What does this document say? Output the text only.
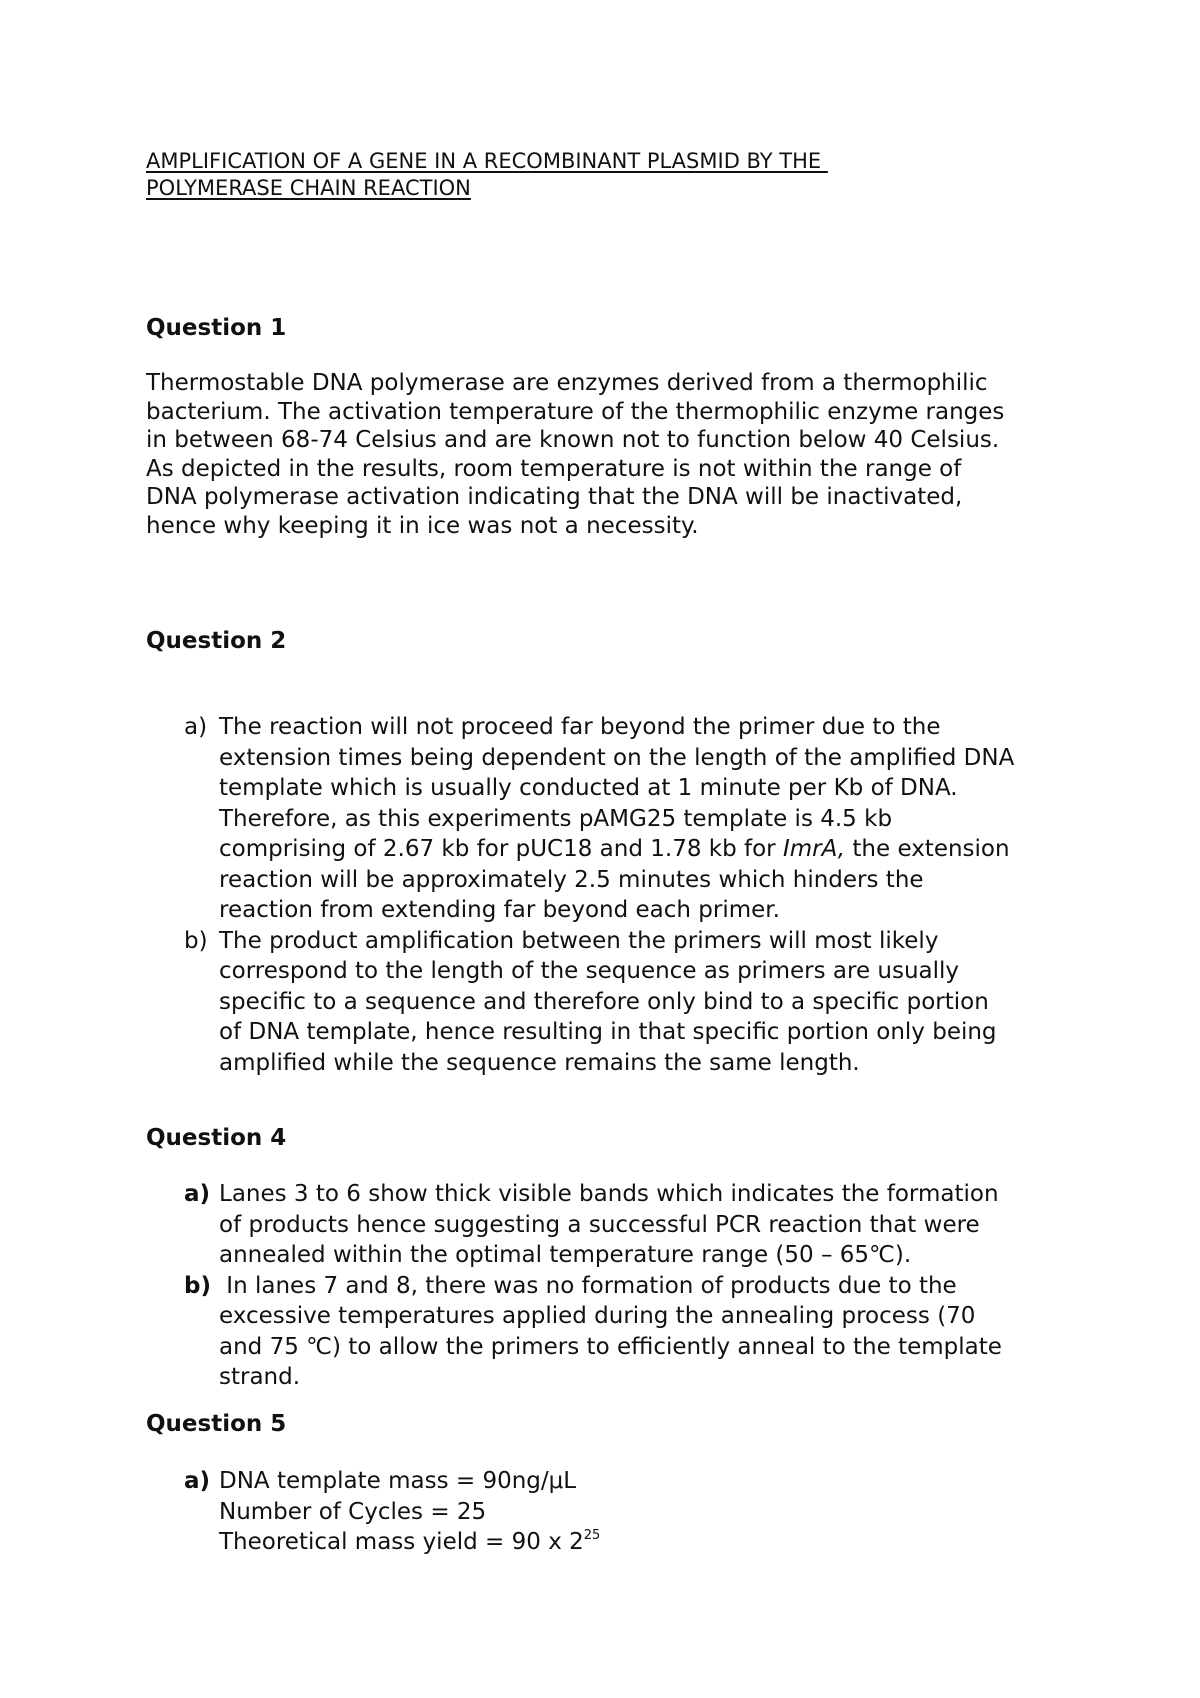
AMPLIFICATION OF A GENE IN A RECOMBINANT PLASMID BY THE
POLYMERASE CHAIN REACTION
Question 1
Thermostable DNA polymerase are enzymes derived from a thermophilic
bacterium. The activation temperature of the thermophilic enzyme ranges
in between 68-74 Celsius and are known not to function below 40 Celsius.
As depicted in the results, room temperature is not within the range of
DNA polymerase activation indicating that the DNA will be inactivated,
hence why keeping it in ice was not a necessity.
Question 2
a) The reaction will not proceed far beyond the primer due to the
extension times being dependent on the length of the amplified DNA
template which is usually conducted at 1 minute per Kb of DNA.
Therefore, as this experiments pAMG25 template is 4.5 kb
comprising of 2.67 kb for pUC18 and 1.78 kb for ImrA, the extension
reaction will be approximately 2.5 minutes which hinders the
reaction from extending far beyond each primer.
b) The product amplification between the primers will most likely
correspond to the length of the sequence as primers are usually
specific to a sequence and therefore only bind to a specific portion
of DNA template, hence resulting in that specific portion only being
amplified while the sequence remains the same length.
Question 4
a) Lanes 3 to 6 show thick visible bands which indicates the formation
of products hence suggesting a successful PCR reaction that were
annealed within the optimal temperature range (50 – 65℃).
b) In lanes 7 and 8, there was no formation of products due to the
excessive temperatures applied during the annealing process (70
and 75 ℃) to allow the primers to efficiently anneal to the template
strand.
Question 5
a) DNA template mass = 90ng/μL
Number of Cycles = 25
Theoretical mass yield = 90 x $2^{25}$
